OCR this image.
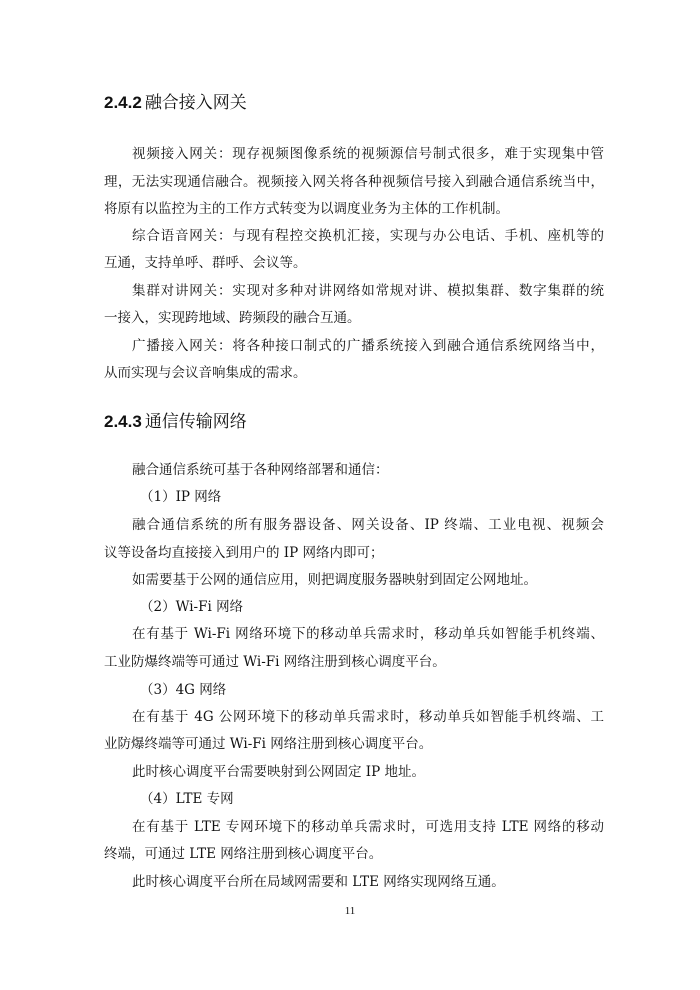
2.4.2 融合接入网关
视频接入网关：现存视频图像系统的视频源信号制式很多，难于实现集中管
理，无法实现通信融合。视频接入网关将各种视频信号接入到融合通信系统当中，
将原有以监控为主的工作方式转变为以调度业务为主体的工作机制。
综合语音网关：与现有程控交换机汇接，实现与办公电话、手机、座机等的
互通，支持单呼、群呼、会议等。
集群对讲网关：实现对多种对讲网络如常规对讲、模拟集群、数字集群的统
一接入，实现跨地域、跨频段的融合互通。
广播接入网关：将各种接口制式的广播系统接入到融合通信系统网络当中，
从而实现与会议音响集成的需求。
2.4.3 通信传输网络
融合通信系统可基于各种网络部署和通信：
（1）IP 网络
融合通信系统的所有服务器设备、网关设备、IP 终端、工业电视、视频会
议等设备均直接接入到用户的 IP 网络内即可；
如需要基于公网的通信应用，则把调度服务器映射到固定公网地址。
（2）Wi-Fi 网络
在有基于 Wi-Fi 网络环境下的移动单兵需求时，移动单兵如智能手机终端、
工业防爆终端等可通过 Wi-Fi 网络注册到核心调度平台。
（3）4G 网络
在有基于 4G 公网环境下的移动单兵需求时，移动单兵如智能手机终端、工
业防爆终端等可通过 Wi-Fi 网络注册到核心调度平台。
此时核心调度平台需要映射到公网固定 IP 地址。
（4）LTE 专网
在有基于 LTE 专网环境下的移动单兵需求时，可选用支持 LTE 网络的移动
终端，可通过 LTE 网络注册到核心调度平台。
此时核心调度平台所在局域网需要和 LTE 网络实现网络互通。
11
